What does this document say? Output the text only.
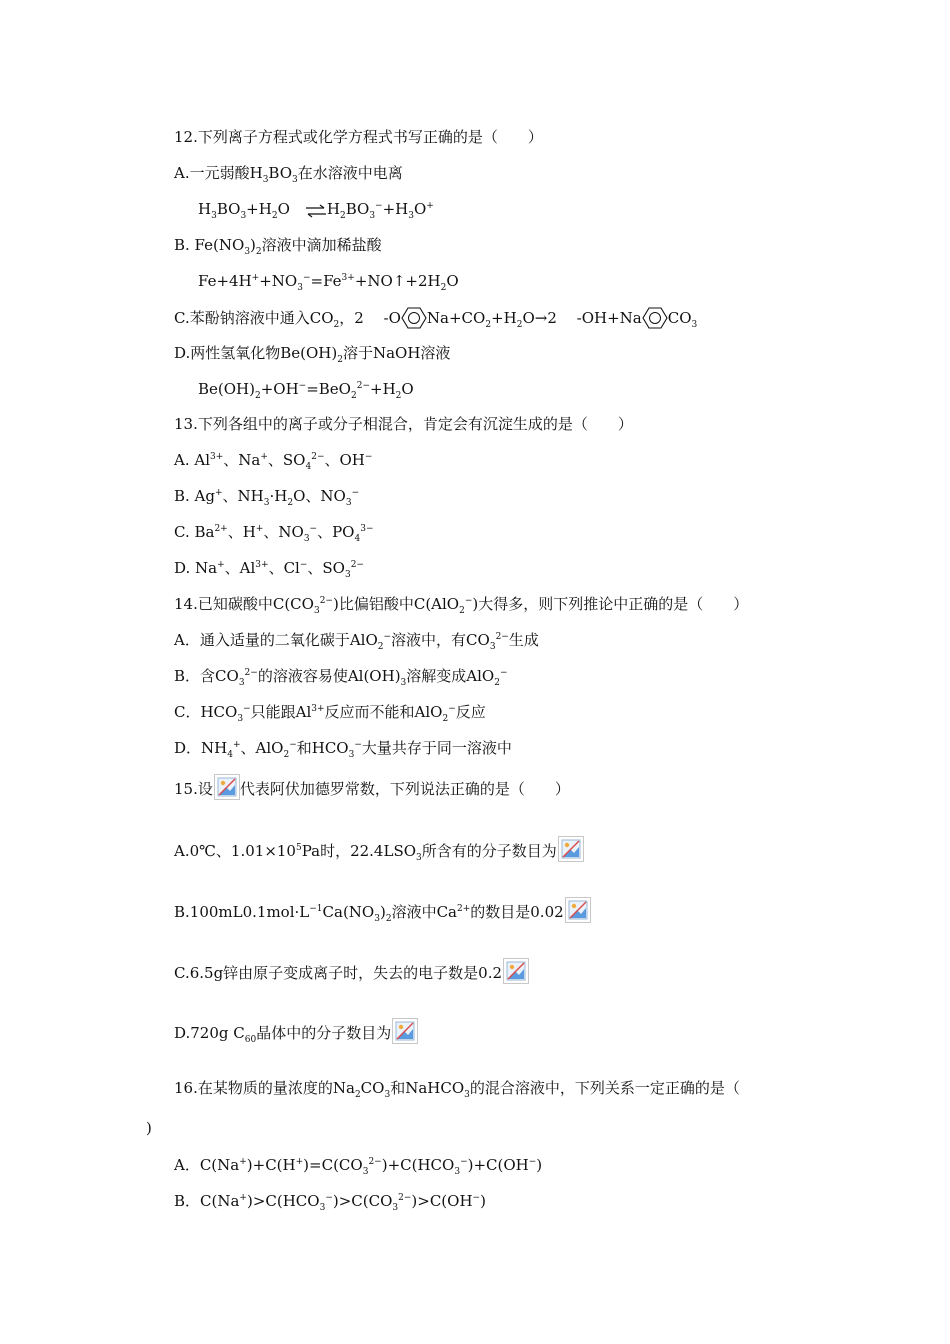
12.下列离子方程式或化学方程式书写正确的是（　　）
A.一元弱酸$H_3BO_3$在水溶液中电离
$H_3BO_3+H_2O$　 $\rightleftharpoons H_2BO_3^-+H_3O^+$
B. $Fe(NO_3)_2$溶液中滴加稀盐酸
$Fe+4H^++NO_3^-=Fe^{3+}+NO↑+2H_2O$
C.苯酚钠溶液中通入$CO_2$，2　 -O $Na+CO_2+H_2O\to 2$　 -OH+Na $CO_3$
D.两性氢氧化物$Be(OH)_2$溶于NaOH溶液
$Be(OH)_2+OH^-=BeO_2^{2-}+H_2O$
13.下列各组中的离子或分子相混合，肯定会有沉淀生成的是（　　）
A. $Al^{3+}$、Na+、$SO_4^{2-}$、OH−
B. Ag+、$NH_3\cdot H_2O$、$NO_3^-$
C. $Ba^{2+}$、H+、$NO_3^-$、$PO_4^{3-}$
D. Na+、$Al^{3+}$、Cl−、$SO_3^{2-}$
14.已知碳酸中$C(CO_3^{2-})$比偏铝酸中C(AlO$_2$−)大得多，则下列推论中正确的是（　　）
A．通入适量的二氧化碳于AlO$_2$−溶液中，有$CO_3^{2-}$生成
B．含$CO_3^{2-}$的溶液容易使$Al(OH)_3$溶解变成AlO$_2$−
C．$HCO_3^-$只能跟$Al^{3+}$反应而不能和AlO$_2$−反应
D．$NH_4^+$、AlO$_2$−和$HCO_3^-$大量共存于同一溶液中
15.设 代表阿伏加德罗常数，下列说法正确的是（　　）
A.0℃、$1.01\times 10^5Pa$时，$22.4LSO_3$所含有的分子数目为
$B.100mL0.1mol\cdot L^{-1}Ca(NO_3)_2$溶液中$Ca^{2+}$的数目是0.02
C.6.5g锌由原子变成离子时，失去的电子数是0.2
D.720g $C_{60}$晶体中的分子数目为
16.在某物质的量浓度的$Na_2CO_3$和NaHCO$_3$的混合溶液中，下列关系一定正确的是（
)
A．$C(Na^+)+C(H^+)=C(CO_3^{2-})+C(HCO_3^-)+C(OH^-)$
B．$C(Na^+)>C(HCO_3^-)>C(CO_3^{2-})>C(OH^-)$
